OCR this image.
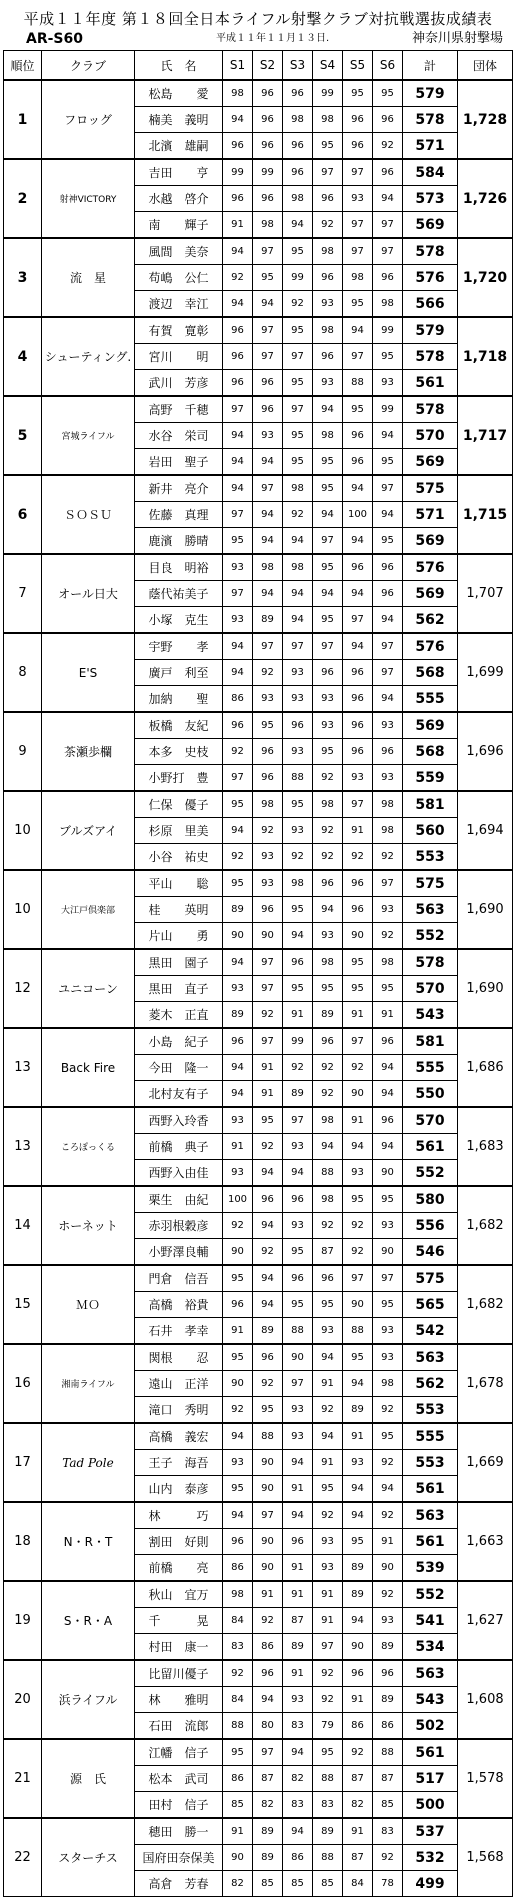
平成１１年度 第１８回全日本ライフル射撃クラブ対抗戦選抜成績表
AR-S60	平成１１年１１月１３日.	神奈川県射撃場
順位	クラブ	氏　名	S1	S2	S3	S4	S5	S6	計	団体
1	フロッグ	松島　　愛	98	96	96	99	95	95	579	1,728
		楠美　義明	94	96	98	98	96	96	578	
		北濱　雄嗣	96	96	96	95	96	92	571	
2	射神VICTORY	吉田　　亨	99	99	96	97	97	96	584	1,726
		水越　啓介	96	96	98	96	93	94	573	
		南　　輝子	91	98	94	92	97	97	569	
3	流　星	風間　美奈	94	97	95	98	97	97	578	1,720
		苟嶋　公仁	92	95	99	96	98	96	576	
		渡辺　幸江	94	94	92	93	95	98	566	
4	シューティング.	有賀　寛彰	96	97	95	98	94	99	579	1,718
		宮川　　明	96	97	97	96	97	95	578	
		武川　芳彦	96	96	95	93	88	93	561	
5	宮城ライフル	高野　千穂	97	96	97	94	95	99	578	1,717
		水谷　栄司	94	93	95	98	96	94	570	
		岩田　聖子	94	94	95	95	96	95	569	
6	ＳＯＳＵ	新井　亮介	94	97	98	95	94	97	575	1,715
		佐藤　真理	97	94	92	94	100	94	571	
		鹿濱　勝晴	95	94	94	97	94	95	569	
7	オール日大	目良　明裕	93	98	98	95	96	96	576	1,707
		蔭代祐美子	97	94	94	94	94	96	569	
		小塚　克生	93	89	94	95	97	94	562	
8	E'S	宇野　　孝	94	97	97	97	94	97	576	1,699
		廣戸　利至	94	92	93	96	96	97	568	
		加納　　聖	86	93	93	93	96	94	555	
9	茶瀬歩欄	板橋　友紀	96	95	96	93	96	93	569	1,696
		本多　史枝	92	96	93	95	96	96	568	
		小野打　豊	97	96	88	92	93	93	559	
10	ブルズアイ	仁保　優子	95	98	95	98	97	98	581	1,694
		杉原　里美	94	92	93	92	91	98	560	
		小谷　祐史	92	93	92	92	92	92	553	
10	大江戸倶楽部	平山　　聡	95	93	98	96	96	97	575	1,690
		桂　　英明	89	96	95	94	96	93	563	
		片山　　勇	90	90	94	93	90	92	552	
12	ユニコーン	黒田　園子	94	97	96	98	95	98	578	1,690
		黒田　直子	93	97	95	95	95	95	570	
		菱木　正直	89	92	91	89	91	91	543	
13	Back Fire	小島　紀子	96	97	99	96	97	96	581	1,686
		今田　隆一	94	91	92	92	92	94	555	
		北村友有子	94	91	89	92	90	94	550	
13	ころぽっくる	西野入玲香	93	95	97	98	91	96	570	1,683
		前橋　典子	91	92	93	94	94	94	561	
		西野入由佳	93	94	94	88	93	90	552	
14	ホーネット	栗生　由紀	100	96	96	98	95	95	580	1,682
		赤羽根穀彦	92	94	93	92	92	93	556	
		小野澤良輔	90	92	95	87	92	90	546	
15	ＭＯ	門倉　信吾	95	94	96	96	97	97	575	1,682
		高橋　裕貴	96	94	95	95	90	95	565	
		石井　孝幸	91	89	88	93	88	93	542	
16	湘南ライフル	関根　　忍	95	96	90	94	95	93	563	1,678
		遠山　正洋	90	92	97	91	94	98	562	
		滝口　秀明	92	95	93	92	89	92	553	
17	Tad Pole	高橋　義宏	94	88	93	94	91	95	555	1,669
		王子　海吾	93	90	94	91	93	92	553	
		山内　泰彦	95	90	91	95	94	94	561	
18	N・R・T	林　　　巧	94	97	94	92	94	92	563	1,663
		割田　好則	96	90	96	93	95	91	561	
		前橋　　亮	86	90	91	93	89	90	539	
19	S・R・A	秋山　宜万	98	91	91	91	89	92	552	1,627
		千　　　晃	84	92	87	91	94	93	541	
		村田　康一	83	86	89	97	90	89	534	
20	浜ライフル	比留川優子	92	96	91	92	96	96	563	1,608
		林　　雅明	84	94	93	92	91	89	543	
		石田　流郎	88	80	83	79	86	86	502	
21	源　氏	江幡　信子	95	97	94	95	92	88	561	1,578
		松本　武司	86	87	82	88	87	87	517	
		田村　信子	85	82	83	83	82	85	500	
22	スターチス	穂田　勝一	91	89	94	89	91	83	537	1,568
		国府田奈保美	90	89	86	88	87	92	532	
		高倉　芳春	82	85	85	85	84	78	499	
